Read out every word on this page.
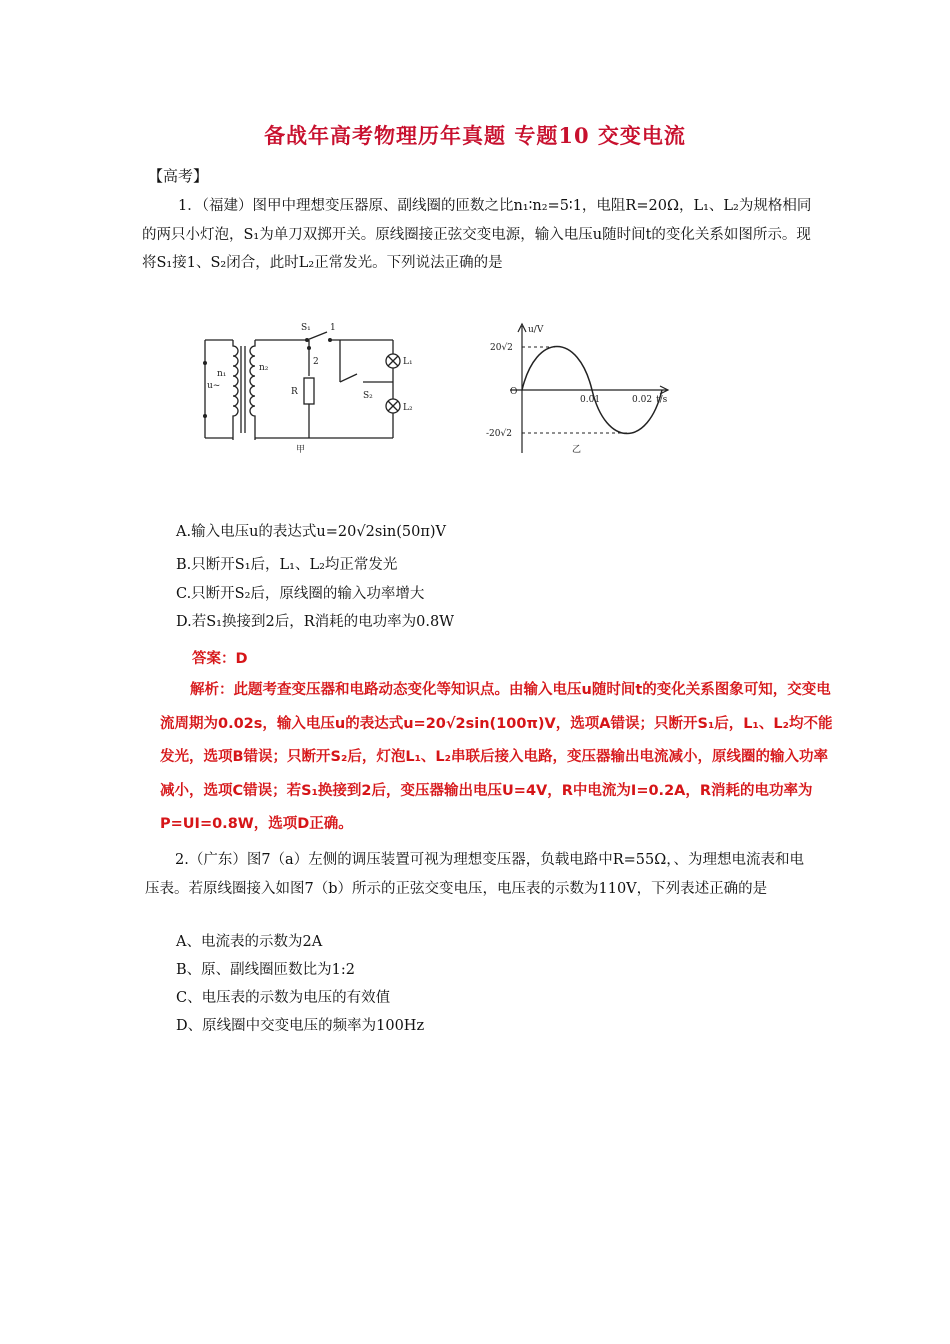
备战年高考物理历年真题 专题10 交变电流
【高考】
1．（福建）图甲中理想变压器原、副线圈的匝数之比n₁∶n₂=5∶1，电阻R=20Ω，L₁、L₂为规格相同的两只小灯泡，S₁为单刀双掷开关。原线圈接正弦交变电源，输入电压u随时间t的变化关系如图所示。现将S₁接1、S₂闭合，此时L₂正常发光。下列说法正确的是
S₁ 1
2
n₁
n₂
u~
R
L₁
L₂
S₂
甲
u/V
20√2
-20√2
O
0.01	0.02 t/s
乙
A.输入电压u的表达式u=20√2sin(50π)V
B.只断开S₁后，L₁、L₂均正常发光
C.只断开S₂后，原线圈的输入功率增大
D.若S₁换接到2后，R消耗的电功率为0.8W
答案：D
解析：此题考查变压器和电路动态变化等知识点。由输入电压u随时间t的变化关系图象可知，交变电流周期为0.02s，输入电压u的表达式u=20√2sin(100π)V，选项A错误；只断开S₁后，L₁、L₂均不能发光，选项B错误；只断开S₂后，灯泡L₁、L₂串联后接入电路，变压器输出电流减小，原线圈的输入功率减小，选项C错误；若S₁换接到2后，变压器输出电压U=4V，R中电流为I=0.2A，R消耗的电功率为P=UI=0.8W，选项D正确。
2.（广东）图7（a）左侧的调压装置可视为理想变压器，负载电路中R=55Ω，、为理想电流表和电压表。若原线圈接入如图7（b）所示的正弦交变电压，电压表的示数为110V，下列表述正确的是
A、电流表的示数为2A
B、原、副线圈匝数比为1:2
C、电压表的示数为电压的有效值
D、原线圈中交变电压的频率为100Hz
